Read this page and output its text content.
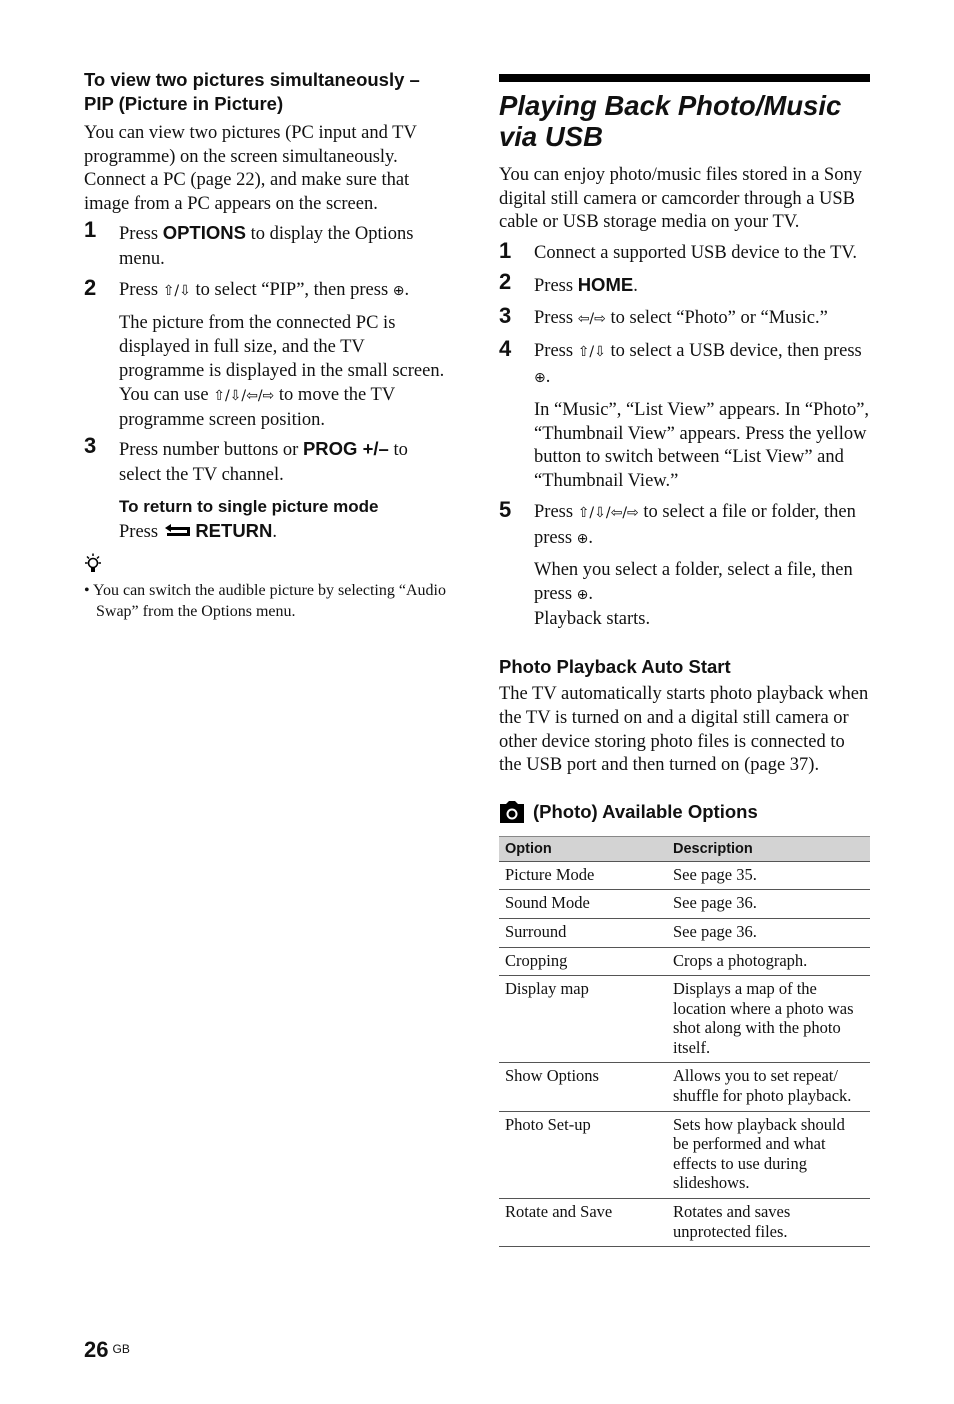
To view two pictures simultaneously – PIP (Picture in Picture)

You can view two pictures (PC input and TV programme) on the screen simultaneously. Connect a PC (page 22), and make sure that image from a PC appears on the screen.

1 Press OPTIONS to display the Options menu.
2 Press ⇧/⇩ to select “PIP”, then press ⊕.
The picture from the connected PC is displayed in full size, and the TV programme is displayed in the small screen.
You can use ⇧/⇩/⇦/⇨ to move the TV programme screen position.
3 Press number buttons or PROG +/– to select the TV channel.
To return to single picture mode
Press  RETURN.
• You can switch the audible picture by selecting “Audio Swap” from the Options menu.
Playing Back Photo/Music via USB

You can enjoy photo/music files stored in a Sony digital still camera or camcorder through a USB cable or USB storage media on your TV.

1 Connect a supported USB device to the TV.
2 Press HOME.
3 Press ⇦/⇨ to select “Photo” or “Music.”
4 Press ⇧/⇩ to select a USB device, then press ⊕.
In “Music”, “List View” appears. In “Photo”, “Thumbnail View” appears. Press the yellow button to switch between “List View” and “Thumbnail View.”
5 Press ⇧/⇩/⇦/⇨ to select a file or folder, then press ⊕.
When you select a folder, select a file, then press ⊕.
Playback starts.
Photo Playback Auto Start

The TV automatically starts photo playback when the TV is turned on and a digital still camera or other device storing photo files is connected to the USB port and then turned on (page 37).

(Photo) Available Options
Option	Description
Picture Mode	See page 35.
Sound Mode	See page 36.
Surround	See page 36.
Cropping	Crops a photograph.
Display map	Displays a map of the location where a photo was shot along with the photo itself.
Show Options	Allows you to set repeat/ shuffle for photo playback.
Photo Set-up	Sets how playback should be performed and what effects to use during slideshows.
Rotate and Save	Rotates and saves unprotected files.
26 GB
